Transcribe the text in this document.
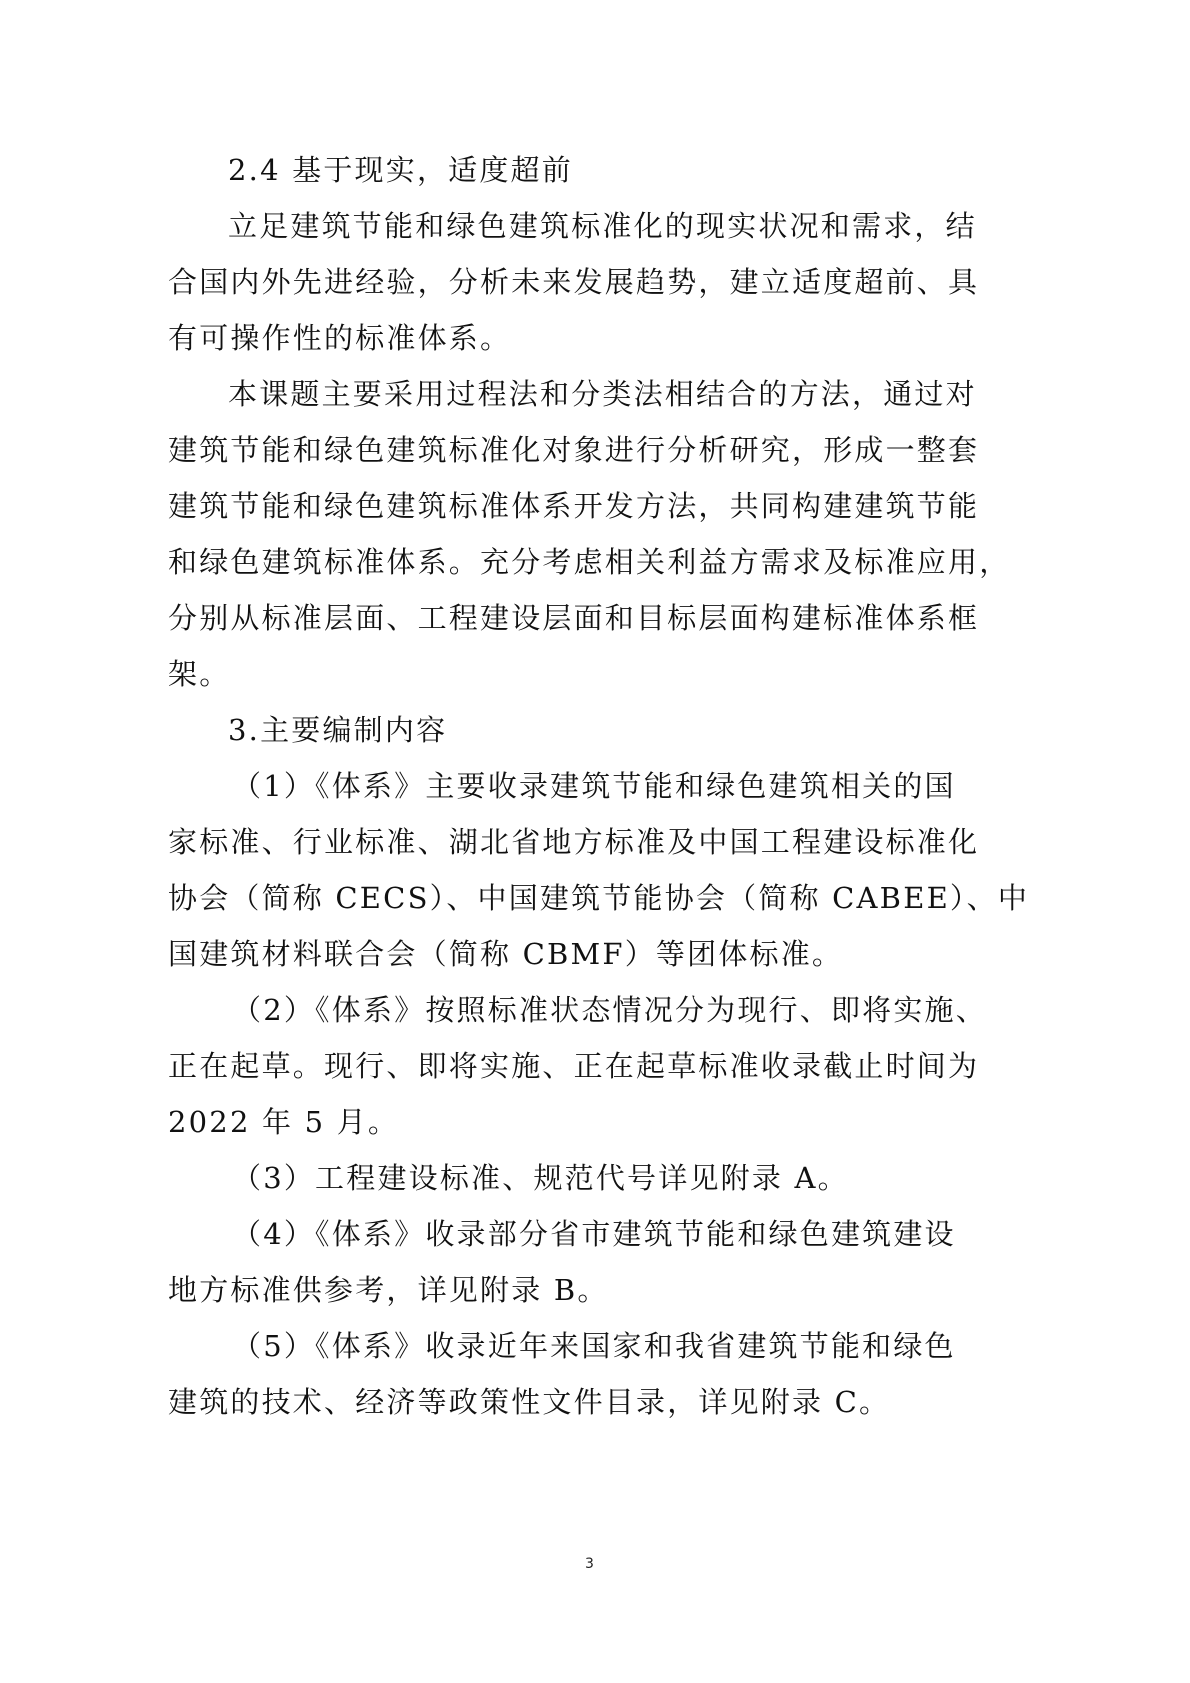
2.4 基于现实，适度超前
立足建筑节能和绿色建筑标准化的现实状况和需求，结
合国内外先进经验，分析未来发展趋势，建立适度超前、具
有可操作性的标准体系。
本课题主要采用过程法和分类法相结合的方法，通过对
建筑节能和绿色建筑标准化对象进行分析研究，形成一整套
建筑节能和绿色建筑标准体系开发方法，共同构建建筑节能
和绿色建筑标准体系。充分考虑相关利益方需求及标准应用，
分别从标准层面、工程建设层面和目标层面构建标准体系框
架。
3.主要编制内容
（1）《体系》主要收录建筑节能和绿色建筑相关的国
家标准、行业标准、湖北省地方标准及中国工程建设标准化
协会（简称 CECS）、中国建筑节能协会（简称 CABEE）、中
国建筑材料联合会（简称 CBMF）等团体标准。
（2）《体系》按照标准状态情况分为现行、即将实施、
正在起草。现行、即将实施、正在起草标准收录截止时间为
2022 年 5 月。
（3）工程建设标准、规范代号详见附录 A。
（4）《体系》收录部分省市建筑节能和绿色建筑建设
地方标准供参考，详见附录 B。
（5）《体系》收录近年来国家和我省建筑节能和绿色
建筑的技术、经济等政策性文件目录，详见附录 C。
3
